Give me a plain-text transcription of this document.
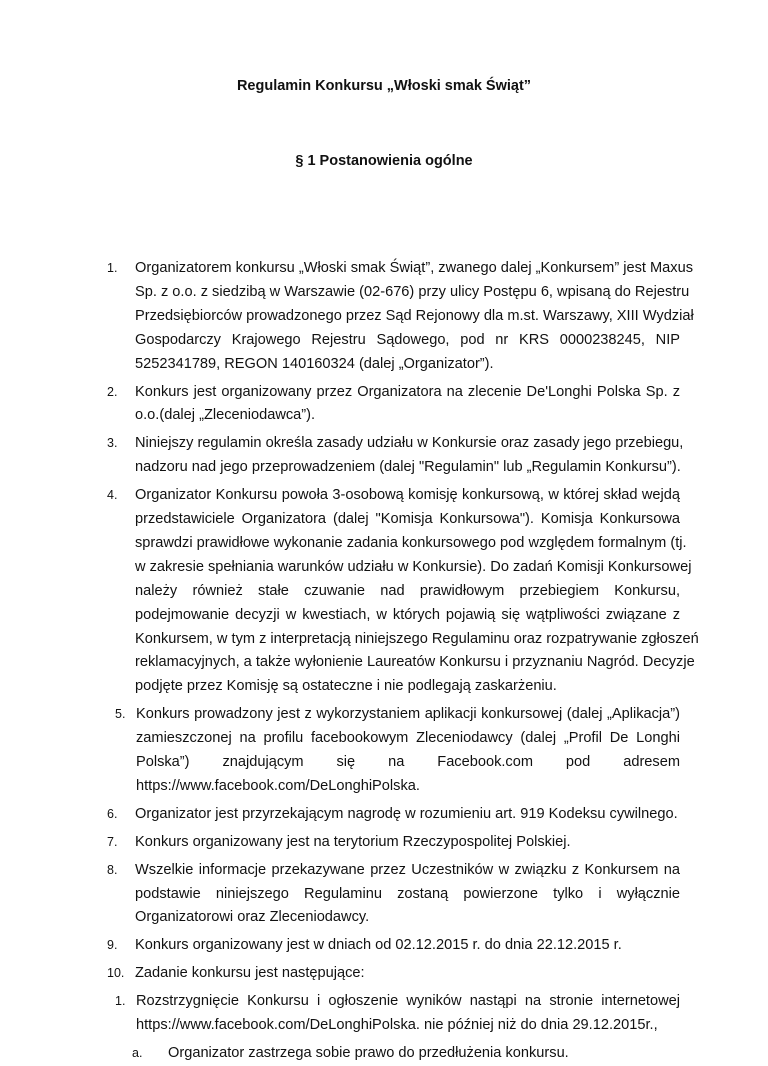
Regulamin Konkursu „Włoski smak Świąt”
§ 1 Postanowienia ogólne
1. Organizatorem konkursu „Włoski smak Świąt”, zwanego dalej „Konkursem” jest Maxus
Sp. z o.o. z siedzibą w Warszawie (02-676) przy ulicy Postępu 6, wpisaną do Rejestru
Przedsiębiorców prowadzonego przez Sąd Rejonowy dla m.st. Warszawy, XIII Wydział
Gospodarczy Krajowego Rejestru Sądowego, pod nr KRS 0000238245, NIP
5252341789, REGON 140160324 (dalej „Organizator”).
2. Konkurs jest organizowany przez Organizatora na zlecenie De'Longhi Polska Sp. z
o.o.(dalej „Zleceniodawca”).
3. Niniejszy regulamin określa zasady udziału w Konkursie oraz zasady jego przebiegu,
nadzoru nad jego przeprowadzeniem (dalej "Regulamin" lub „Regulamin Konkursu”).
4. Organizator Konkursu powoła 3-osobową komisję konkursową, w której skład wejdą
przedstawiciele Organizatora (dalej "Komisja Konkursowa"). Komisja Konkursowa
sprawdzi prawidłowe wykonanie zadania konkursowego pod względem formalnym (tj.
w zakresie spełniania warunków udziału w Konkursie). Do zadań Komisji Konkursowej
należy również stałe czuwanie nad prawidłowym przebiegiem Konkursu,
podejmowanie decyzji w kwestiach, w których pojawią się wątpliwości związane z
Konkursem, w tym z interpretacją niniejszego Regulaminu oraz rozpatrywanie zgłoszeń
reklamacyjnych, a także wyłonienie Laureatów Konkursu i przyznaniu Nagród. Decyzje
podjęte przez Komisję są ostateczne i nie podlegają zaskarżeniu.
5. Konkurs prowadzony jest z wykorzystaniem aplikacji konkursowej (dalej „Aplikacja”)
zamieszczonej na profilu facebookowym Zleceniodawcy (dalej „Profil De Longhi
Polska”) znajdującym się na Facebook.com pod adresem
https://www.facebook.com/DeLonghiPolska.
6. Organizator jest przyrzekającym nagrodę w rozumieniu art. 919 Kodeksu cywilnego.
7. Konkurs organizowany jest na terytorium Rzeczypospolitej Polskiej.
8. Wszelkie informacje przekazywane przez Uczestników w związku z Konkursem na
podstawie niniejszego Regulaminu zostaną powierzone tylko i wyłącznie
Organizatorowi oraz Zleceniodawcy.
9. Konkurs organizowany jest w dniach od 02.12.2015 r. do dnia 22.12.2015 r.
10. Zadanie konkursu jest następujące:
1. Rozstrzygnięcie Konkursu i ogłoszenie wyników nastąpi na stronie internetowej
https://www.facebook.com/DeLonghiPolska. nie później niż do dnia 29.12.2015r.,
a. Organizator zastrzega sobie prawo do przedłużenia konkursu.
